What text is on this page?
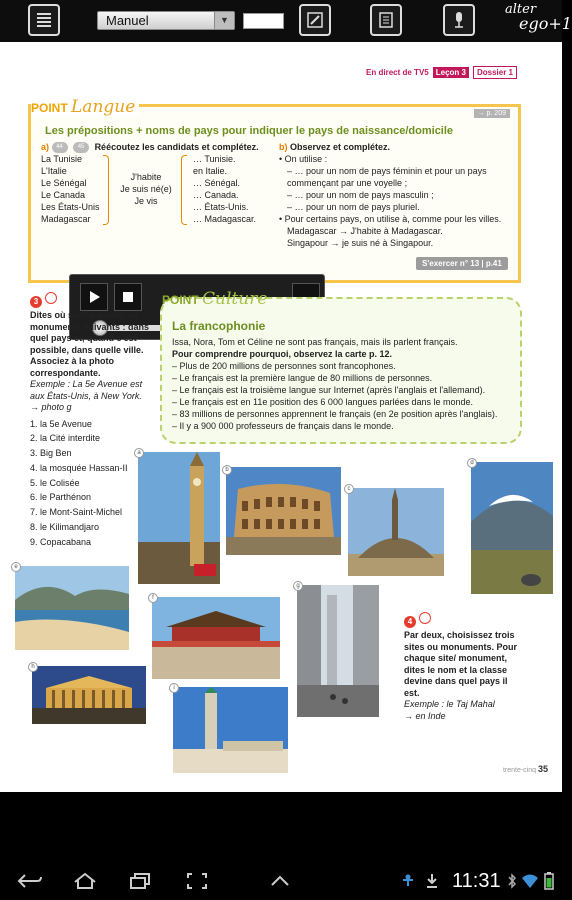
Manuel	▼
alter
ego+1
En direct de TV5 Leçon 3	Dossier 1
POINT Langue
Les prépositions + noms de pays pour indiquer le pays de naissance/domicile
→ p. 209
a) 44 45 Réécoutez les candidats et complétez.
La Tunisie
L'Italie
Le Sénégal
Le Canada
Les États-Unis
Madagascar
J'habite
Je suis né(e)
Je vis
… Tunisie.
en Italie.
… Sénégal.
… Canada.
… États-Unis.
… Madagascar.
b) Observez et complétez.
• On utilise :
– … pour un nom de pays féminin et pour un pays commençant par une voyelle ;
– … pour un nom de pays masculin ;
– … pour un nom de pays pluriel.
• Pour certains pays, on utilise à, comme pour les villes.
Madagascar → J'habite à Madagascar.
Singapour → je suis né à Singapour.
S'exercer n° 13 | p.41
3
Dites où sont les sites ou monuments suivants : dans quel pays et, quand c'est possible, dans quelle ville. Associez à la photo correspondante.
Exemple : La 5e Avenue est aux États-Unis, à New York.
→ photo g
1. la 5e Avenue
2. la Cité interdite
3. Big Ben
4. la mosquée Hassan-II
5. le Colisée
6. le Parthénon
7. le Mont-Saint-Michel
8. le Kilimandjaro
9. Copacabana
POINT Culture
La francophonie
Issa, Nora, Tom et Céline ne sont pas français, mais ils parlent français.
Pour comprendre pourquoi, observez la carte p. 12.
– Plus de 200 millions de personnes sont francophones.
– Le français est la première langue de 80 millions de personnes.
– Le français est la troisième langue sur Internet (après l'anglais et l'allemand).
– Le français est en 11e position des 6 000 langues parlées dans le monde.
– 83 millions de personnes apprennent le français (en 2e position après l'anglais).
– Il y a 900 000 professeurs de français dans le monde.
a
b
c
d
e
f
g
h
i
4
Par deux, choisissez trois sites ou monuments. Pour chaque site/ monument, dites le nom et la classe devine dans quel pays il est.
Exemple : le Taj Mahal
→ en Inde
trente-cinq 35
11:31
